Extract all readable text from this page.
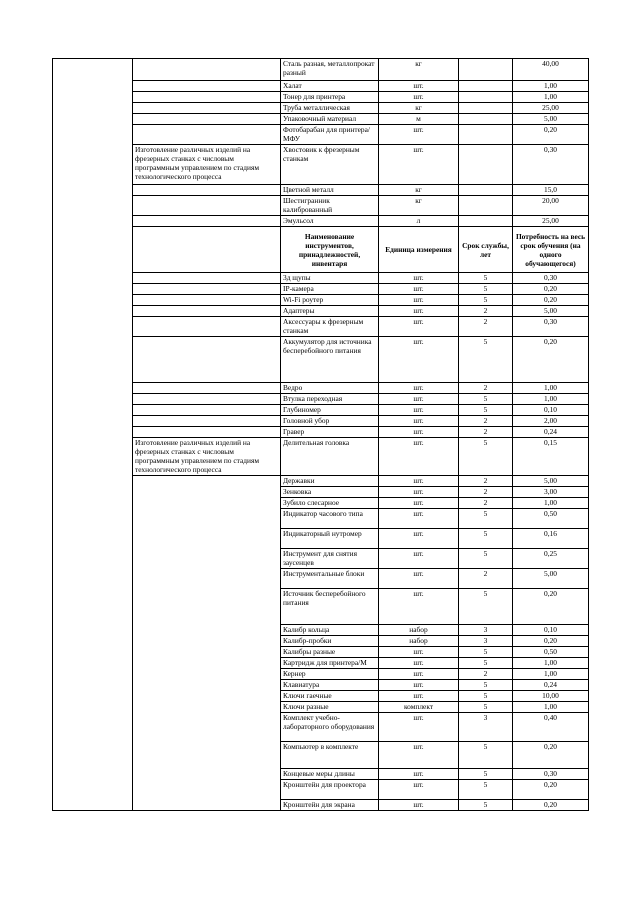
		Сталь разная, металлопрокат разный	кг		40,00
		Халат	шт.		1,00
		Тонер для принтера	шт.		1,00
		Труба металлическая	кг		25,00
		Упаковочный материал	м		5,00
		Фотобарабан для принтера/МФУ	шт.		0,20
	Изготовление различных изделий на фрезерных станках с числовым программным управлением по стадиям технологического процесса	Хвостовик к фрезерным станкам	шт.		0,30
		Цветной металл	кг		15,0
		Шестигранник калиброванный	кг		20,00
		Эмульсол	л		25,00
		Наименование инструментов, принадлежностей, инвентаря	Единица измерения	Срок службы, лет	Потребность на весь срок обучения (на одного обучающегося)
		3д щупы	шт.	5	0,30
		IP-камера	шт.	5	0,20
		Wi-Fi роутер	шт.	5	0,20
		Адаптеры	шт.	2	5,00
		Аксессуары к фрезерным станкам	шт.	2	0,30
		Аккумулятор для источника бесперебойного питания	шт.	5	0,20
		Ведро	шт.	2	1,00
		Втулка переходная	шт.	5	1,00
		Глубиномер	шт.	5	0,10
		Головной убор	шт.	2	2,00
		Гравер	шт.	2	0,24
	Изготовление различных изделий на фрезерных станках с числовым программным управлением по стадиям технологического процесса	Делительная головка	шт.	5	0,15
		Державки	шт.	2	5,00
		Зенковка	шт.	2	3,00
		Зубило слесарное	шт.	2	1,00
		Индикатор часового типа	шт.	5	0,50
		Индикаторный нутромер	шт.	5	0,16
		Инструмент для снятия заусенцев	шт.	5	0,25
		Инструментальные блоки	шт.	2	5,00
		Источник бесперебойного питания	шт.	5	0,20
		Калибр кольца	набор	3	0,10
		Калибр-пробки	набор	3	0,20
		Калибры разные	шт.	5	0,50
		Картридж для принтера/М	шт.	5	1,00
		Кернер	шт.	2	1,00
		Клавиатура	шт.	5	0,24
		Ключи гаечные	шт.	5	10,00
		Ключи разные	комплект	5	1,00
		Комплект учебно-лабораторного оборудования	шт.	3	0,40
		Компьютер в комплекте	шт.	5	0,20
		Концевые меры длины	шт.	5	0,30
		Кронштейн для проектора	шт.	5	0,20
		Кронштейн для экрана	шт.	5	0,20
